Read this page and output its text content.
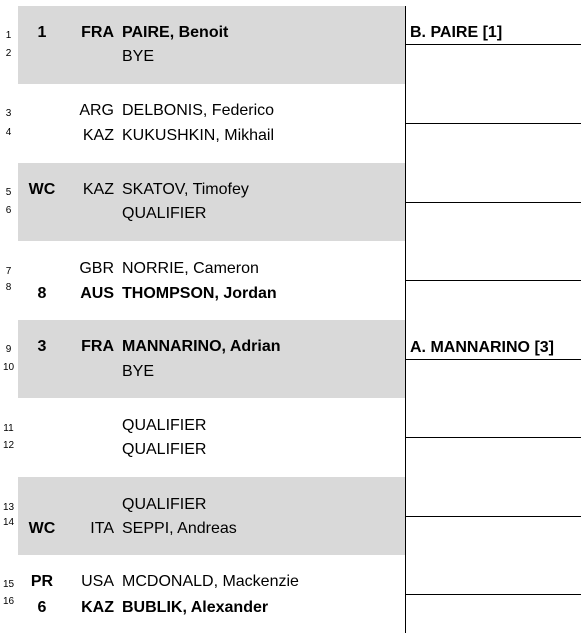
B. PAIRE [1]
A. MANNARINO [3]
1	1	FRA PAIRE, Benoit
2	BYE
3	ARG DELBONIS, Federico
4	KAZ KUKUSHKIN, Mikhail
5	WC KAZ SKATOV, Timofey
6	QUALIFIER
7	GBR NORRIE, Cameron
8	8	AUS THOMPSON, Jordan
9	3	FRA MANNARINO, Adrian
10	BYE
11	QUALIFIER
12	QUALIFIER
13	QUALIFIER
14 WC ITA SEPPI, Andreas
15	PR	USA MCDONALD, Mackenzie
16	6	KAZ BUBLIK, Alexander
